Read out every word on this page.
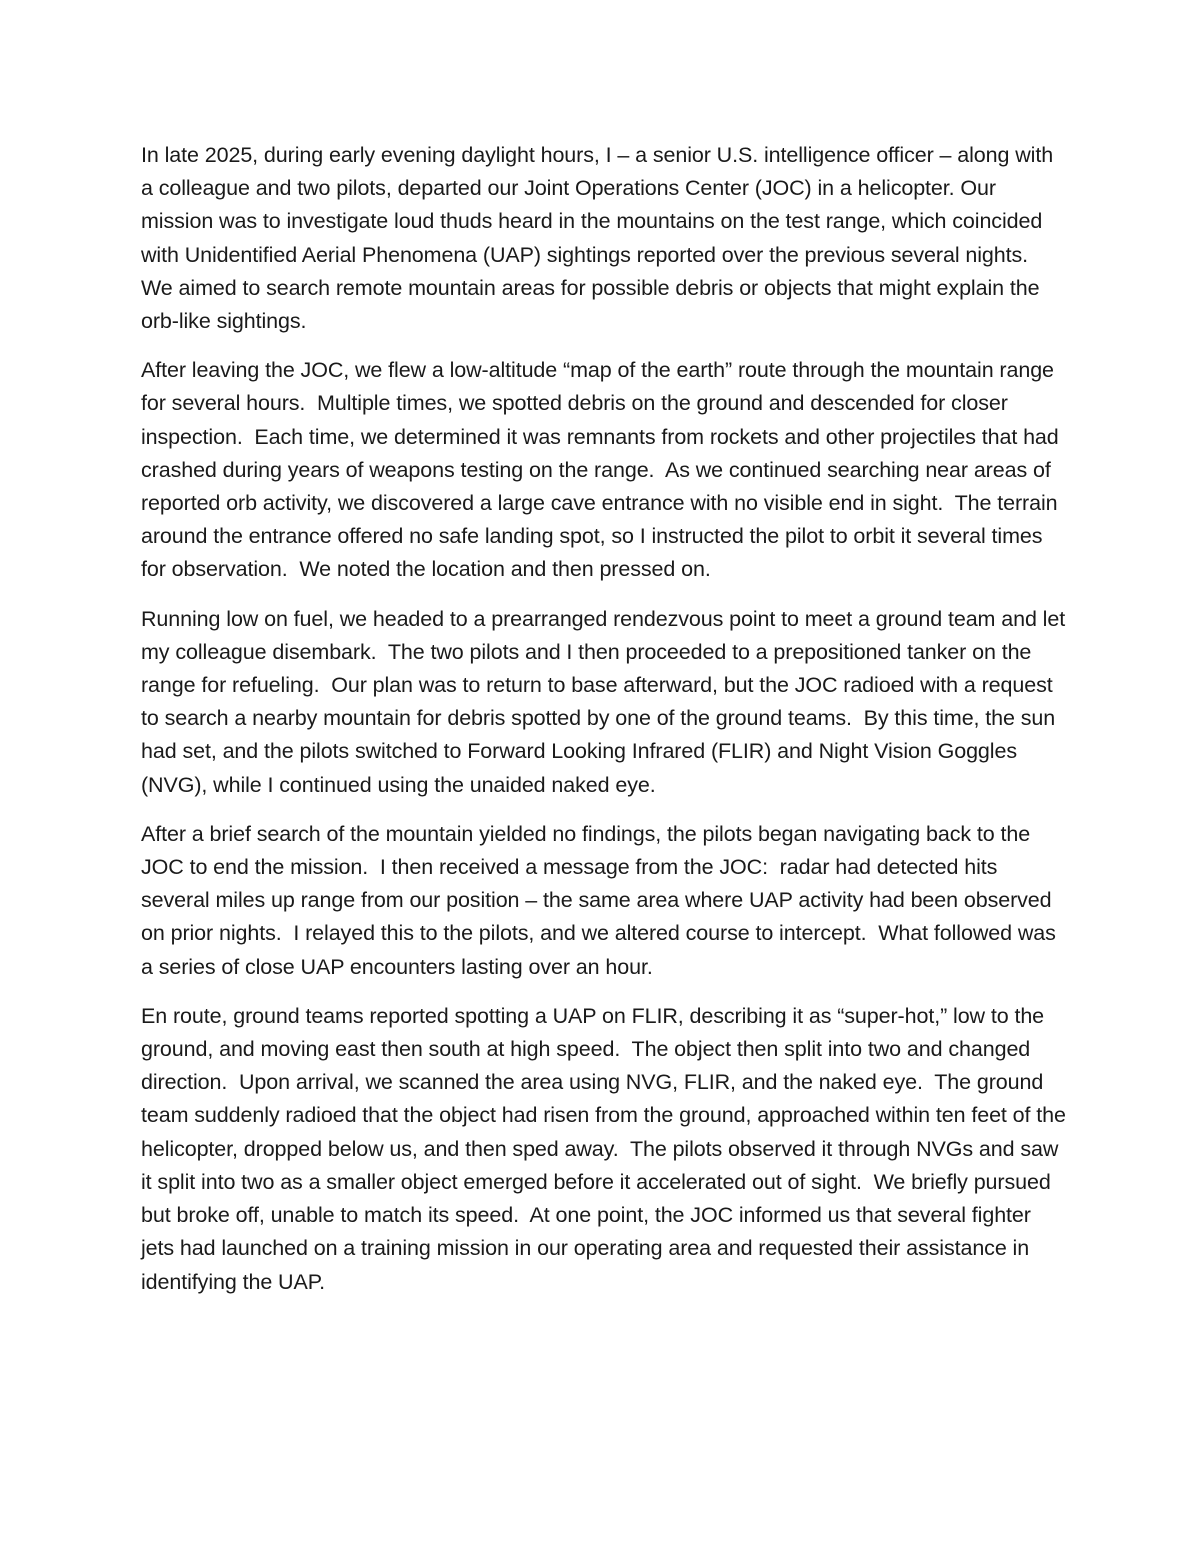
In late 2025, during early evening daylight hours, I – a senior U.S. intelligence officer – along with a colleague and two pilots, departed our Joint Operations Center (JOC) in a helicopter. Our mission was to investigate loud thuds heard in the mountains on the test range, which coincided with Unidentified Aerial Phenomena (UAP) sightings reported over the previous several nights.  We aimed to search remote mountain areas for possible debris or objects that might explain the orb-like sightings.

After leaving the JOC, we flew a low-altitude “map of the earth” route through the mountain range for several hours.  Multiple times, we spotted debris on the ground and descended for closer inspection.  Each time, we determined it was remnants from rockets and other projectiles that had crashed during years of weapons testing on the range.  As we continued searching near areas of reported orb activity, we discovered a large cave entrance with no visible end in sight.  The terrain around the entrance offered no safe landing spot, so I instructed the pilot to orbit it several times for observation.  We noted the location and then pressed on.

Running low on fuel, we headed to a prearranged rendezvous point to meet a ground team and let my colleague disembark.  The two pilots and I then proceeded to a prepositioned tanker on the range for refueling.  Our plan was to return to base afterward, but the JOC radioed with a request to search a nearby mountain for debris spotted by one of the ground teams.  By this time, the sun had set, and the pilots switched to Forward Looking Infrared (FLIR) and Night Vision Goggles (NVG), while I continued using the unaided naked eye.

After a brief search of the mountain yielded no findings, the pilots began navigating back to the JOC to end the mission.  I then received a message from the JOC:  radar had detected hits several miles up range from our position – the same area where UAP activity had been observed on prior nights.  I relayed this to the pilots, and we altered course to intercept.  What followed was a series of close UAP encounters lasting over an hour.

En route, ground teams reported spotting a UAP on FLIR, describing it as “super-hot,” low to the ground, and moving east then south at high speed.  The object then split into two and changed direction.  Upon arrival, we scanned the area using NVG, FLIR, and the naked eye.  The ground team suddenly radioed that the object had risen from the ground, approached within ten feet of the helicopter, dropped below us, and then sped away.  The pilots observed it through NVGs and saw it split into two as a smaller object emerged before it accelerated out of sight.  We briefly pursued but broke off, unable to match its speed.  At one point, the JOC informed us that several fighter jets had launched on a training mission in our operating area and requested their assistance in identifying the UAP.
